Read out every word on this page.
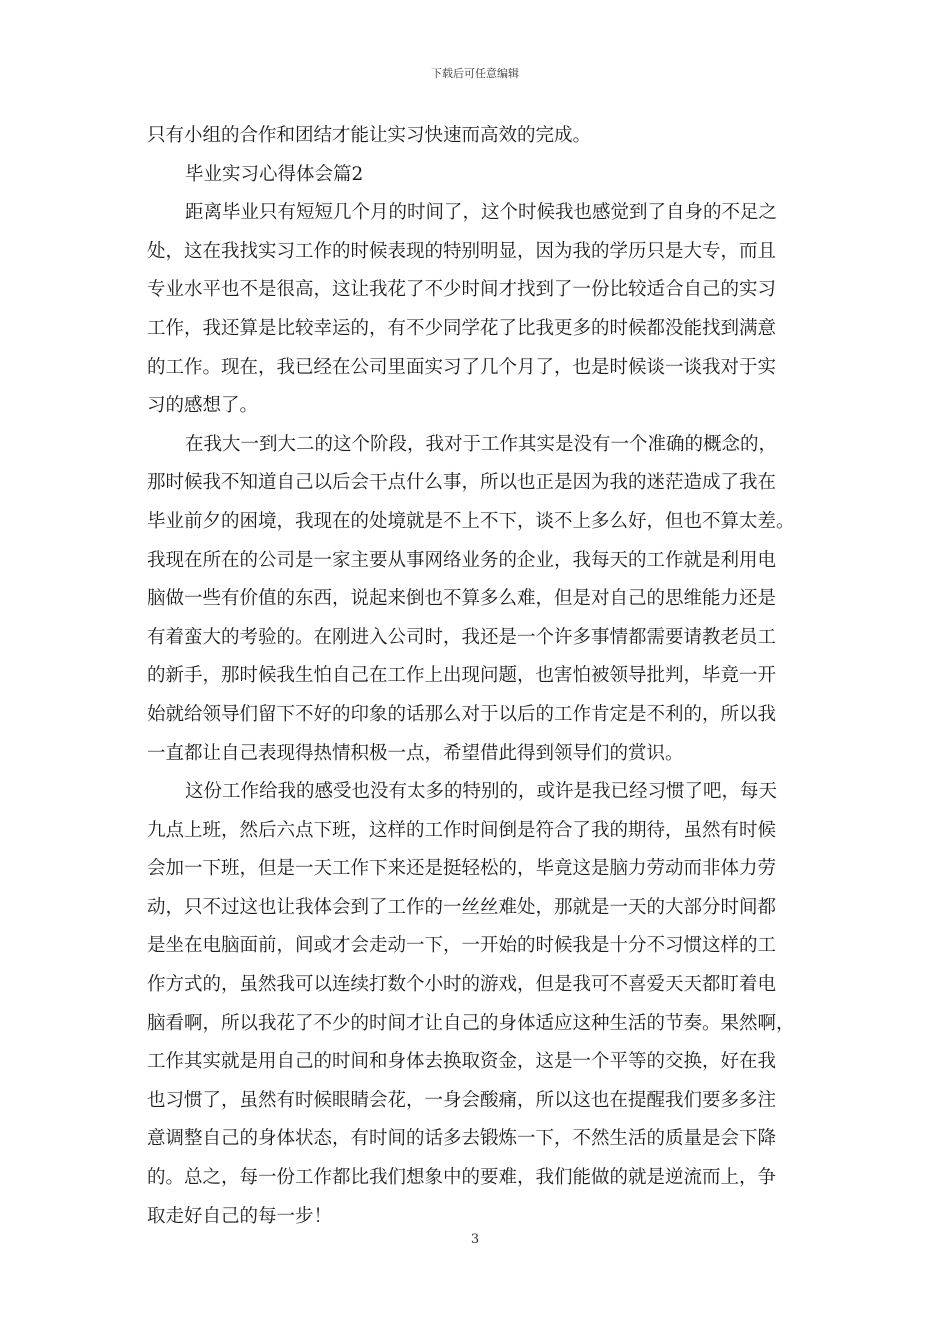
下载后可任意编辑
只有小组的合作和团结才能让实习快速而高效的完成。
毕业实习心得体会篇2
距离毕业只有短短几个月的时间了，这个时候我也感觉到了自身的不足之
处，这在我找实习工作的时候表现的特别明显，因为我的学历只是大专，而且
专业水平也不是很高，这让我花了不少时间才找到了一份比较适合自己的实习
工作，我还算是比较幸运的，有不少同学花了比我更多的时候都没能找到满意
的工作。现在，我已经在公司里面实习了几个月了，也是时候谈一谈我对于实
习的感想了。
在我大一到大二的这个阶段，我对于工作其实是没有一个准确的概念的，
那时候我不知道自己以后会干点什么事，所以也正是因为我的迷茫造成了我在
毕业前夕的困境，我现在的处境就是不上不下，谈不上多么好，但也不算太差。
我现在所在的公司是一家主要从事网络业务的企业，我每天的工作就是利用电
脑做一些有价值的东西，说起来倒也不算多么难，但是对自己的思维能力还是
有着蛮大的考验的。在刚进入公司时，我还是一个许多事情都需要请教老员工
的新手，那时候我生怕自己在工作上出现问题，也害怕被领导批判，毕竟一开
始就给领导们留下不好的印象的话那么对于以后的工作肯定是不利的，所以我
一直都让自己表现得热情积极一点，希望借此得到领导们的赏识。
这份工作给我的感受也没有太多的特别的，或许是我已经习惯了吧，每天
九点上班，然后六点下班，这样的工作时间倒是符合了我的期待，虽然有时候
会加一下班，但是一天工作下来还是挺轻松的，毕竟这是脑力劳动而非体力劳
动，只不过这也让我体会到了工作的一丝丝难处，那就是一天的大部分时间都
是坐在电脑面前，间或才会走动一下，一开始的时候我是十分不习惯这样的工
作方式的，虽然我可以连续打数个小时的游戏，但是我可不喜爱天天都盯着电
脑看啊，所以我花了不少的时间才让自己的身体适应这种生活的节奏。果然啊，
工作其实就是用自己的时间和身体去换取资金，这是一个平等的交换，好在我
也习惯了，虽然有时候眼睛会花，一身会酸痛，所以这也在提醒我们要多多注
意调整自己的身体状态，有时间的话多去锻炼一下，不然生活的质量是会下降
的。总之，每一份工作都比我们想象中的要难，我们能做的就是逆流而上，争
取走好自己的每一步！
3
